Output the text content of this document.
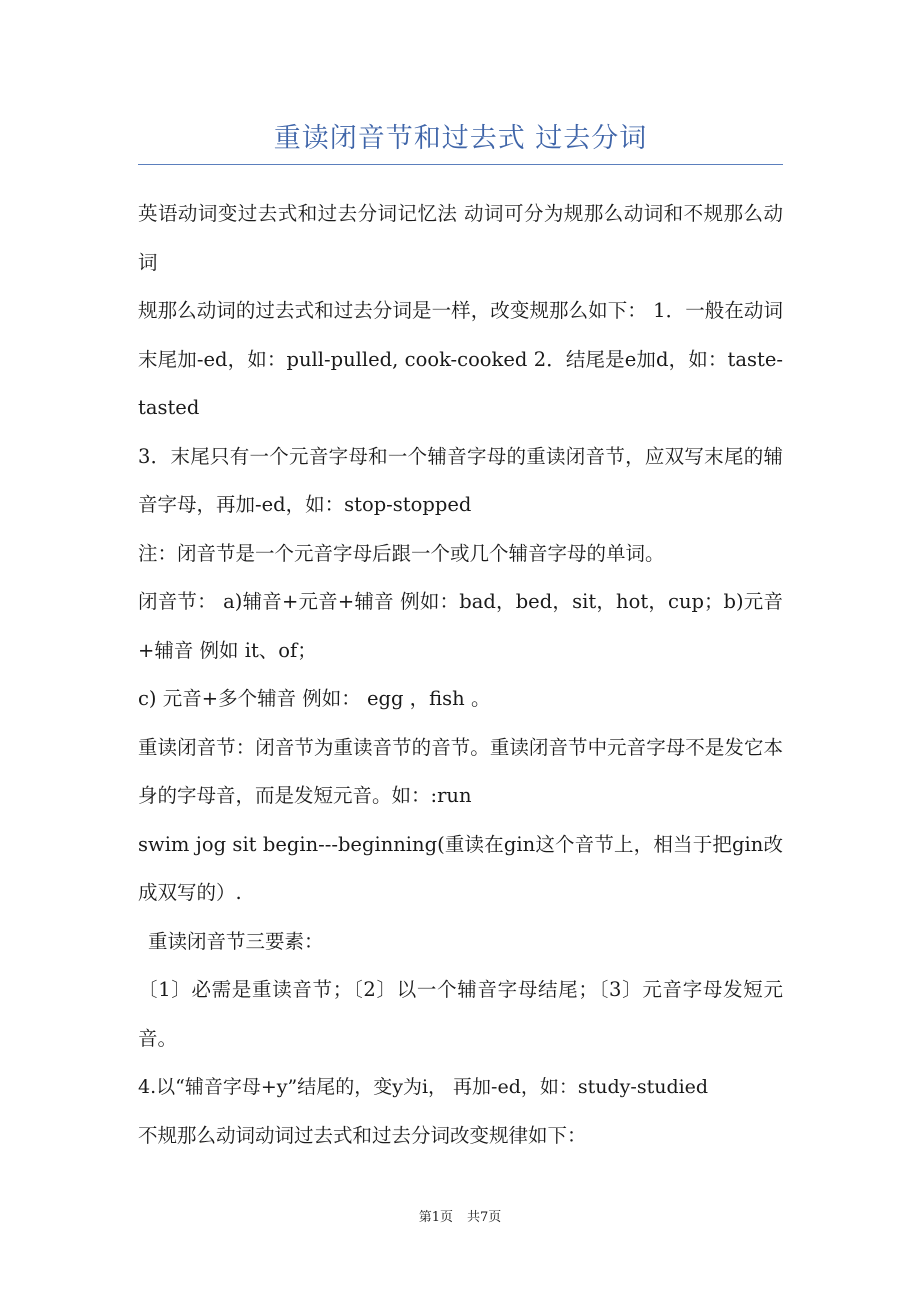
重读闭音节和过去式 过去分词

英语动词变过去式和过去分词记忆法 动词可分为规那么动词和不规那么动词

规那么动词的过去式和过去分词是一样，改变规那么如下： 1．一般在动词末尾加-ed，如：pull-pulled, cook-cooked 2．结尾是e加d，如：taste-tasted

3．末尾只有一个元音字母和一个辅音字母的重读闭音节，应双写末尾的辅音字母，再加-ed，如：stop-stopped

注：闭音节是一个元音字母后跟一个或几个辅音字母的单词。

闭音节： a)辅音+元音+辅音 例如：bad，bed，sit，hot，cup；b)元音+辅音 例如 it、of；

c) 元音+多个辅音 例如： egg ，fish 。

重读闭音节：闭音节为重读音节的音节。重读闭音节中元音字母不是发它本身的字母音，而是发短元音。如：:run

swim jog sit begin---beginning(重读在gin这个音节上，相当于把gin改成双写的）.

重读闭音节三要素：

〔1〕必需是重读音节；〔2〕以一个辅音字母结尾；〔3〕元音字母发短元音。

4.以“辅音字母+y”结尾的，变y为i， 再加-ed，如：study-studied

不规那么动词动词过去式和过去分词改变规律如下：

第1页 共7页
